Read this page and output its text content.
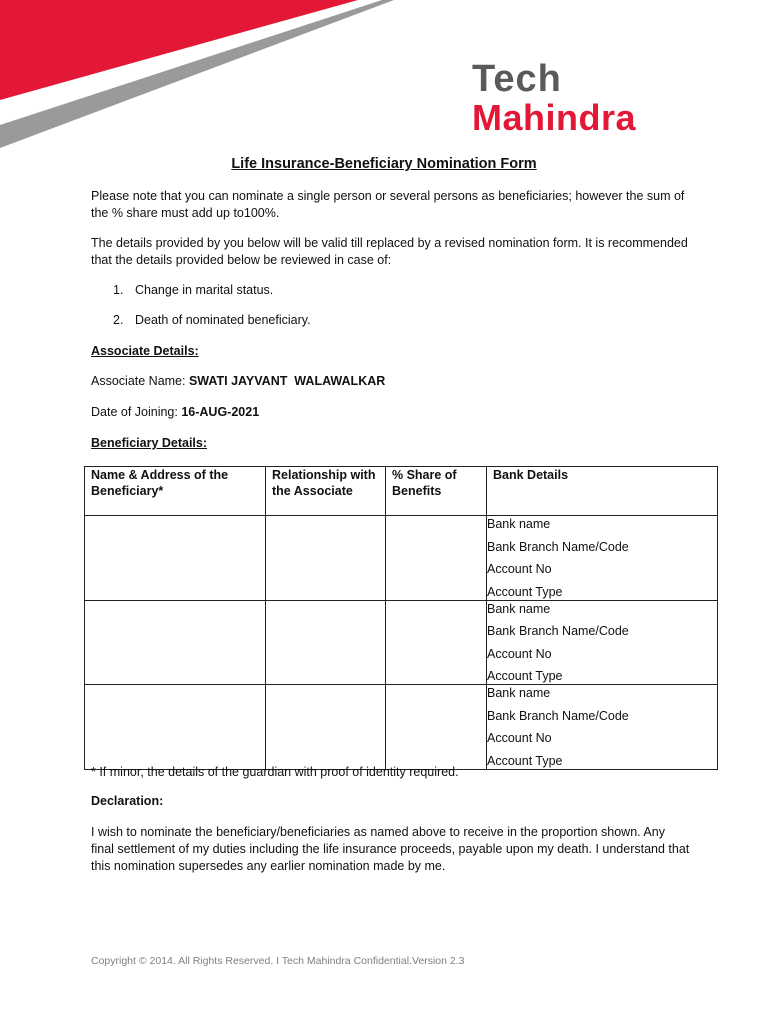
Tech
Mahindra
Life Insurance-Beneficiary Nomination Form
Please note that you can nominate a single person or several persons as beneficiaries; however the sum of the % share must add up to100%.
The details provided by you below will be valid till replaced by a revised nomination form. It is recommended that the details provided below be reviewed in case of:
1. Change in marital status.
2. Death of nominated beneficiary.
Associate Details:
Associate Name: SWATI JAYVANT  WALAWALKAR
Date of Joining: 16-AUG-2021
Beneficiary Details:
Name & Address of the Beneficiary*	Relationship with the Associate	% Share of Benefits	Bank Details

			Bank name
Bank Branch Name/Code
Account No
Account Type

			Bank name
Bank Branch Name/Code
Account No
Account Type

			Bank name
Bank Branch Name/Code
Account No
Account Type
* If minor, the details of the guardian with proof of identity required.
Declaration:
I wish to nominate the beneficiary/beneficiaries as named above to receive in the proportion shown. Any final settlement of my duties including the life insurance proceeds, payable upon my death. I understand that this nomination supersedes any earlier nomination made by me.
Copyright © 2014. All Rights Reserved. I Tech Mahindra Confidential.Version 2.3
